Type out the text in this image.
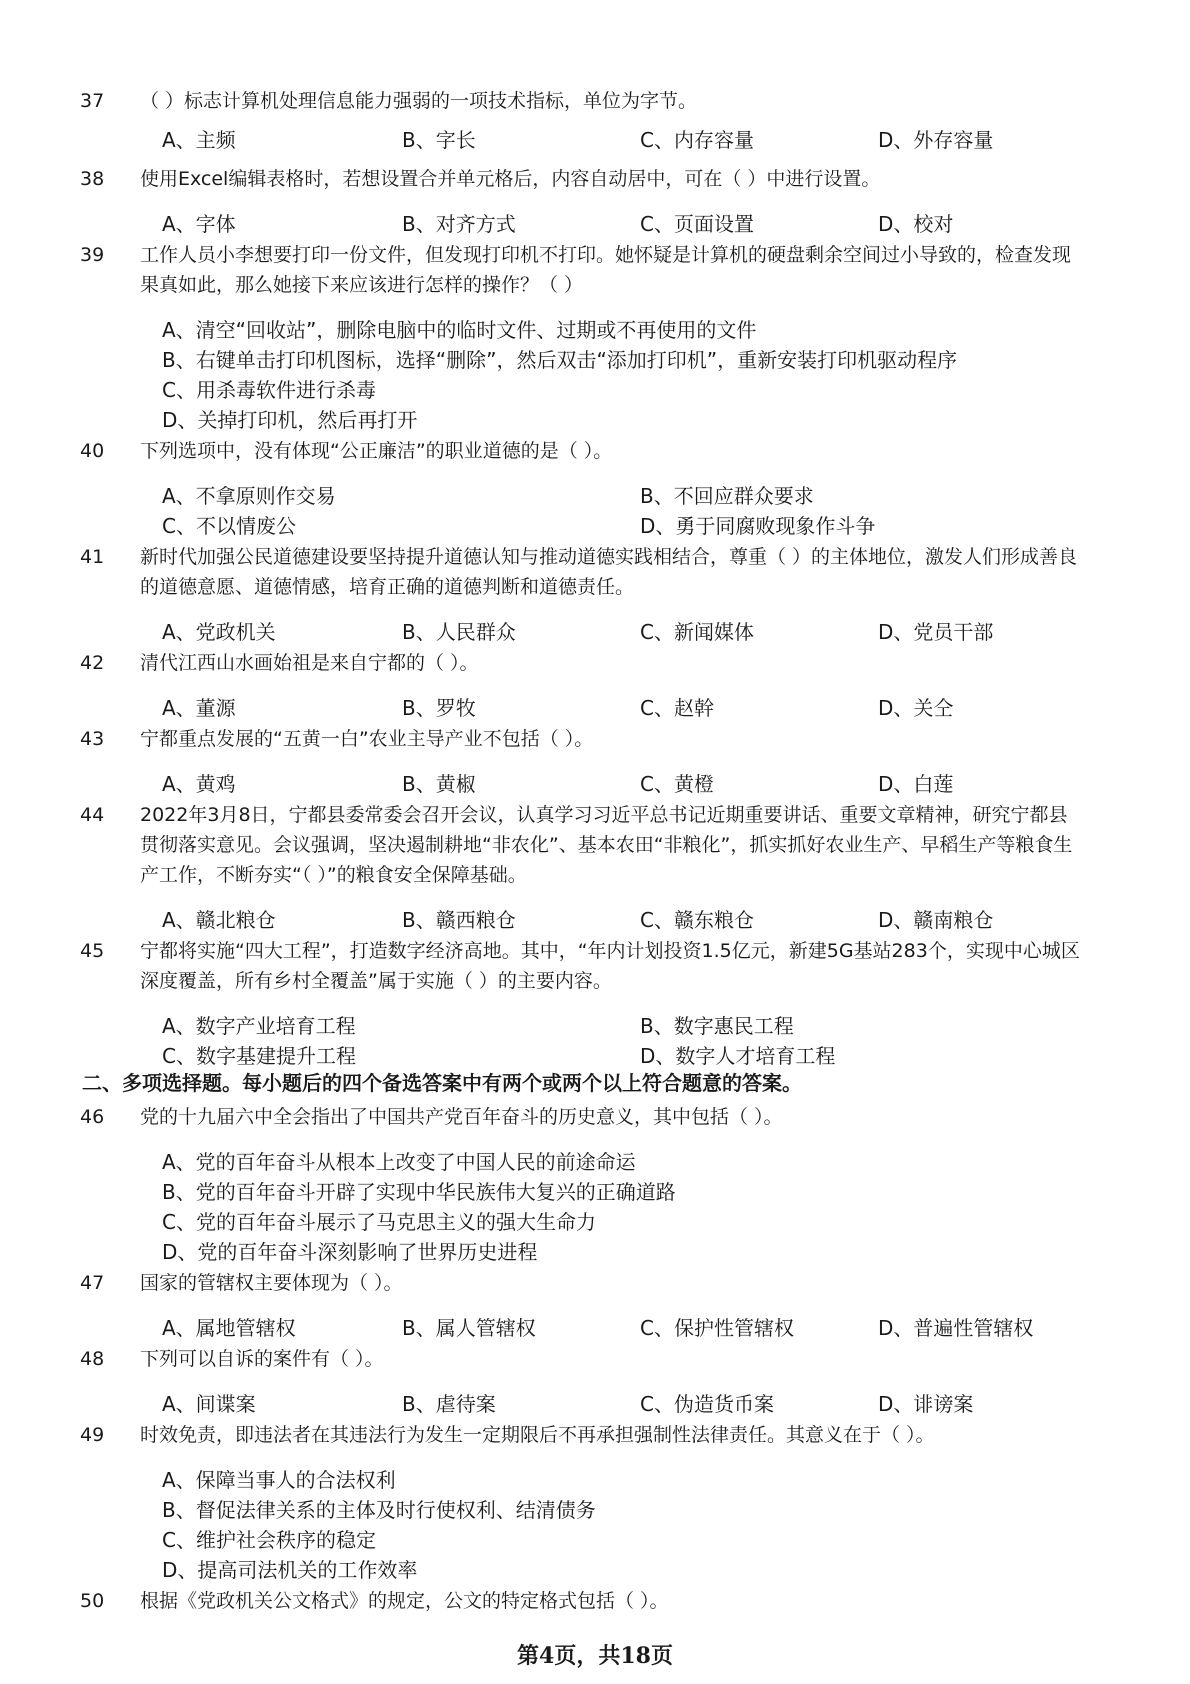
37	（ ）标志计算机处理信息能力强弱的一项技术指标，单位为字节。
A、主频	B、字长	C、内存容量	D、外存容量
38	使用Excel编辑表格时，若想设置合并单元格后，内容自动居中，可在（ ）中进行设置。
A、字体	B、对齐方式	C、页面设置	D、校对
39	工作人员小李想要打印一份文件，但发现打印机不打印。她怀疑是计算机的硬盘剩余空间过小导致的，检查发现果真如此，那么她接下来应该进行怎样的操作？（ ）
A、清空“回收站”，删除电脑中的临时文件、过期或不再使用的文件
B、右键单击打印机图标，选择“删除”，然后双击“添加打印机”，重新安装打印机驱动程序
C、用杀毒软件进行杀毒
D、关掉打印机，然后再打开
40	下列选项中，没有体现“公正廉洁”的职业道德的是（ ）。
A、不拿原则作交易	B、不回应群众要求
C、不以情废公	D、勇于同腐败现象作斗争
41	新时代加强公民道德建设要坚持提升道德认知与推动道德实践相结合，尊重（ ）的主体地位，激发人们形成善良的道德意愿、道德情感，培育正确的道德判断和道德责任。
A、党政机关	B、人民群众	C、新闻媒体	D、党员干部
42	清代江西山水画始祖是来自宁都的（ ）。
A、董源	B、罗牧	C、赵幹	D、关仝
43	宁都重点发展的“五黄一白”农业主导产业不包括（ ）。
A、黄鸡	B、黄椒	C、黄橙	D、白莲
44	2022年3月8日，宁都县委常委会召开会议，认真学习习近平总书记近期重要讲话、重要文章精神，研究宁都县贯彻落实意见。会议强调，坚决遏制耕地“非农化”、基本农田“非粮化”，抓实抓好农业生产、早稻生产等粮食生产工作，不断夯实“（ ）”的粮食安全保障基础。
A、赣北粮仓	B、赣西粮仓	C、赣东粮仓	D、赣南粮仓
45	宁都将实施“四大工程”，打造数字经济高地。其中，“年内计划投资1.5亿元，新建5G基站283个，实现中心城区深度覆盖，所有乡村全覆盖”属于实施（ ）的主要内容。
A、数字产业培育工程	B、数字惠民工程
C、数字基建提升工程	D、数字人才培育工程
二、多项选择题。每小题后的四个备选答案中有两个或两个以上符合题意的答案。
46	党的十九届六中全会指出了中国共产党百年奋斗的历史意义，其中包括（ ）。
A、党的百年奋斗从根本上改变了中国人民的前途命运
B、党的百年奋斗开辟了实现中华民族伟大复兴的正确道路
C、党的百年奋斗展示了马克思主义的强大生命力
D、党的百年奋斗深刻影响了世界历史进程
47	国家的管辖权主要体现为（ ）。
A、属地管辖权	B、属人管辖权	C、保护性管辖权	D、普遍性管辖权
48	下列可以自诉的案件有（ ）。
A、间谍案	B、虐待案	C、伪造货币案	D、诽谤案
49	时效免责，即违法者在其违法行为发生一定期限后不再承担强制性法律责任。其意义在于（ ）。
A、保障当事人的合法权利
B、督促法律关系的主体及时行使权利、结清债务
C、维护社会秩序的稳定
D、提高司法机关的工作效率
50	根据《党政机关公文格式》的规定，公文的特定格式包括（ ）。
第4页，共18页
